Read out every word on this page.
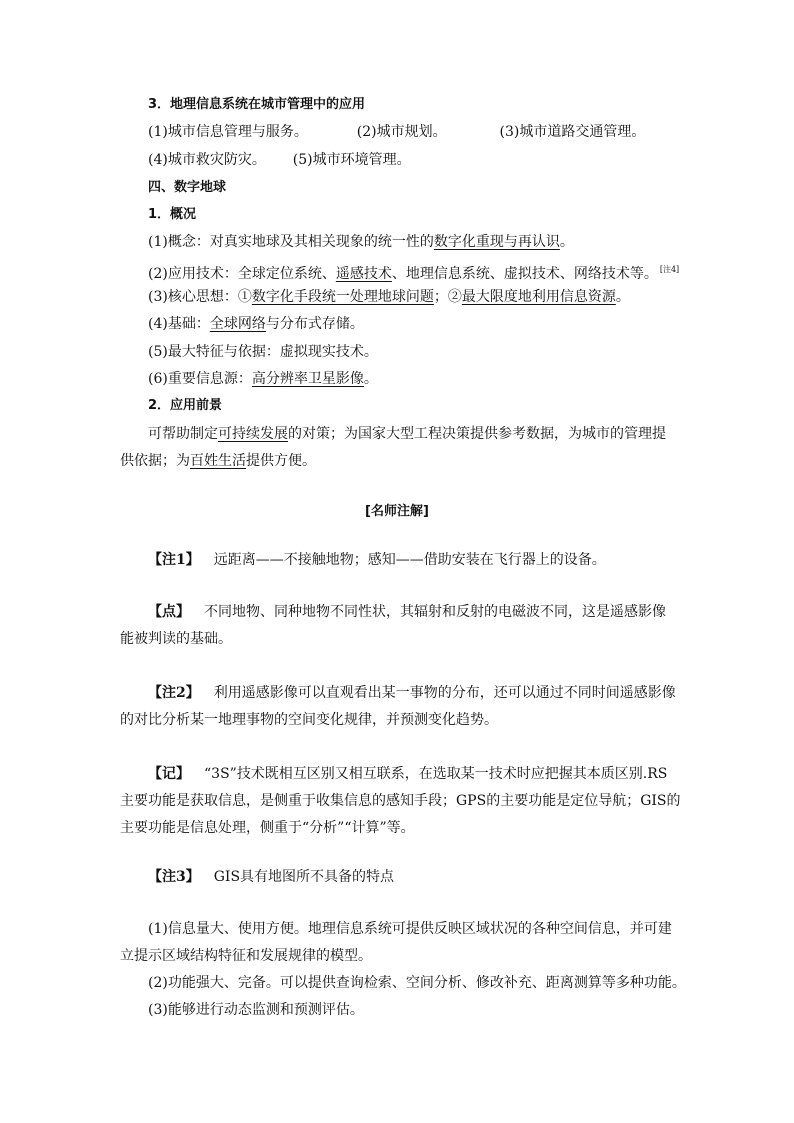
3．地理信息系统在城市管理中的应用
(1)城市信息管理与服务。	(2)城市规划。	(3)城市道路交通管理。
(4)城市救灾防灾。 (5)城市环境管理。
四、数字地球
1．概况
(1)概念：对真实地球及其相关现象的统一性的数字化重现与再认识。
(2)应用技术：全球定位系统、遥感技术、地理信息系统、虚拟技术、网络技术等。 [注4]
(3)核心思想：①数字化手段统一处理地球问题；②最大限度地利用信息资源。
(4)基础：全球网络与分布式存储。
(5)最大特征与依据：虚拟现实技术。
(6)重要信息源：高分辨率卫星影像。
2．应用前景
可帮助制定可持续发展的对策；为国家大型工程决策提供参考数据，为城市的管理提
供依据；为百姓生活提供方便。
[名师注解]
【注1】 远距离——不接触地物；感知——借助安装在飞行器上的设备。
【点】 不同地物、同种地物不同性状，其辐射和反射的电磁波不同，这是遥感影像
能被判读的基础。
【注2】 利用遥感影像可以直观看出某一事物的分布，还可以通过不同时间遥感影像
的对比分析某一地理事物的空间变化规律，并预测变化趋势。
【记】 “3S”技术既相互区别又相互联系，在选取某一技术时应把握其本质区别.RS
主要功能是获取信息，是侧重于收集信息的感知手段；GPS的主要功能是定位导航；GIS的
主要功能是信息处理，侧重于“分析”“计算”等。
【注3】 GIS具有地图所不具备的特点
(1)信息量大、使用方便。地理信息系统可提供反映区域状况的各种空间信息，并可建
立提示区域结构特征和发展规律的模型。
(2)功能强大、完备。可以提供查询检索、空间分析、修改补充、距离测算等多种功能。
(3)能够进行动态监测和预测评估。
